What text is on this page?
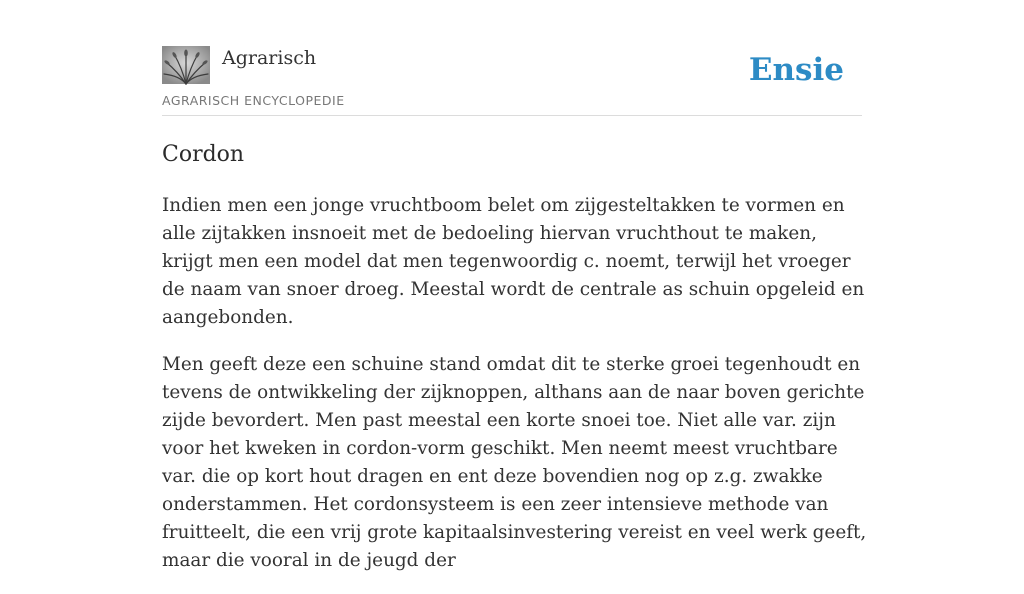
Agrarisch
AGRARISCH ENCYCLOPEDIE
Ensie
Cordon

Indien men een jonge vruchtboom belet om zijgesteltakken te vormen en alle zijtakken insnoeit met de bedoeling hiervan vruchthout te maken, krijgt men een model dat men tegenwoordig c. noemt, terwijl het vroeger de naam van snoer droeg. Meestal wordt de centrale as schuin opgeleid en aangebonden.

Men geeft deze een schuine stand omdat dit te sterke groei tegenhoudt en tevens de ontwikkeling der zijknoppen, althans aan de naar boven gerichte zijde bevordert. Men past meestal een korte snoei toe. Niet alle var. zijn voor het kweken in cordon-vorm geschikt. Men neemt meest vruchtbare var. die op kort hout dragen en ent deze bovendien nog op z.g. zwakke onderstammen. Het cordonsysteem is een zeer intensieve methode van fruitteelt, die een vrij grote kapitaalsinvestering vereist en veel werk geeft, maar die vooral in de jeugd der
